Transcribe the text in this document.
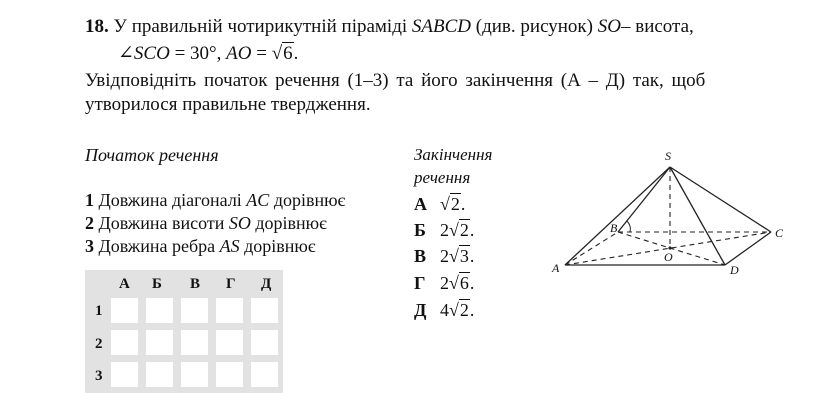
18. У правильній чотирикутній піраміді SABCD (див. рисунок) SO– висота,
∠SCO = 30°, AO = √6.
Увідповідніть початок речення (1–3) та його закінчення (А – Д) так, щоб
утворилося правильне твердження.
Початок речення
1 Довжина діагоналі AC дорівнює
2 Довжина висоти SO дорівнює
3 Довжина ребра AS дорівнює
А Б В Г Д
1
2
3
Закінчення
речення
А √2.
Б 2√2.
В 2√3.
Г 2√6.
Д 4√2.
S
A
B	C
D
O
